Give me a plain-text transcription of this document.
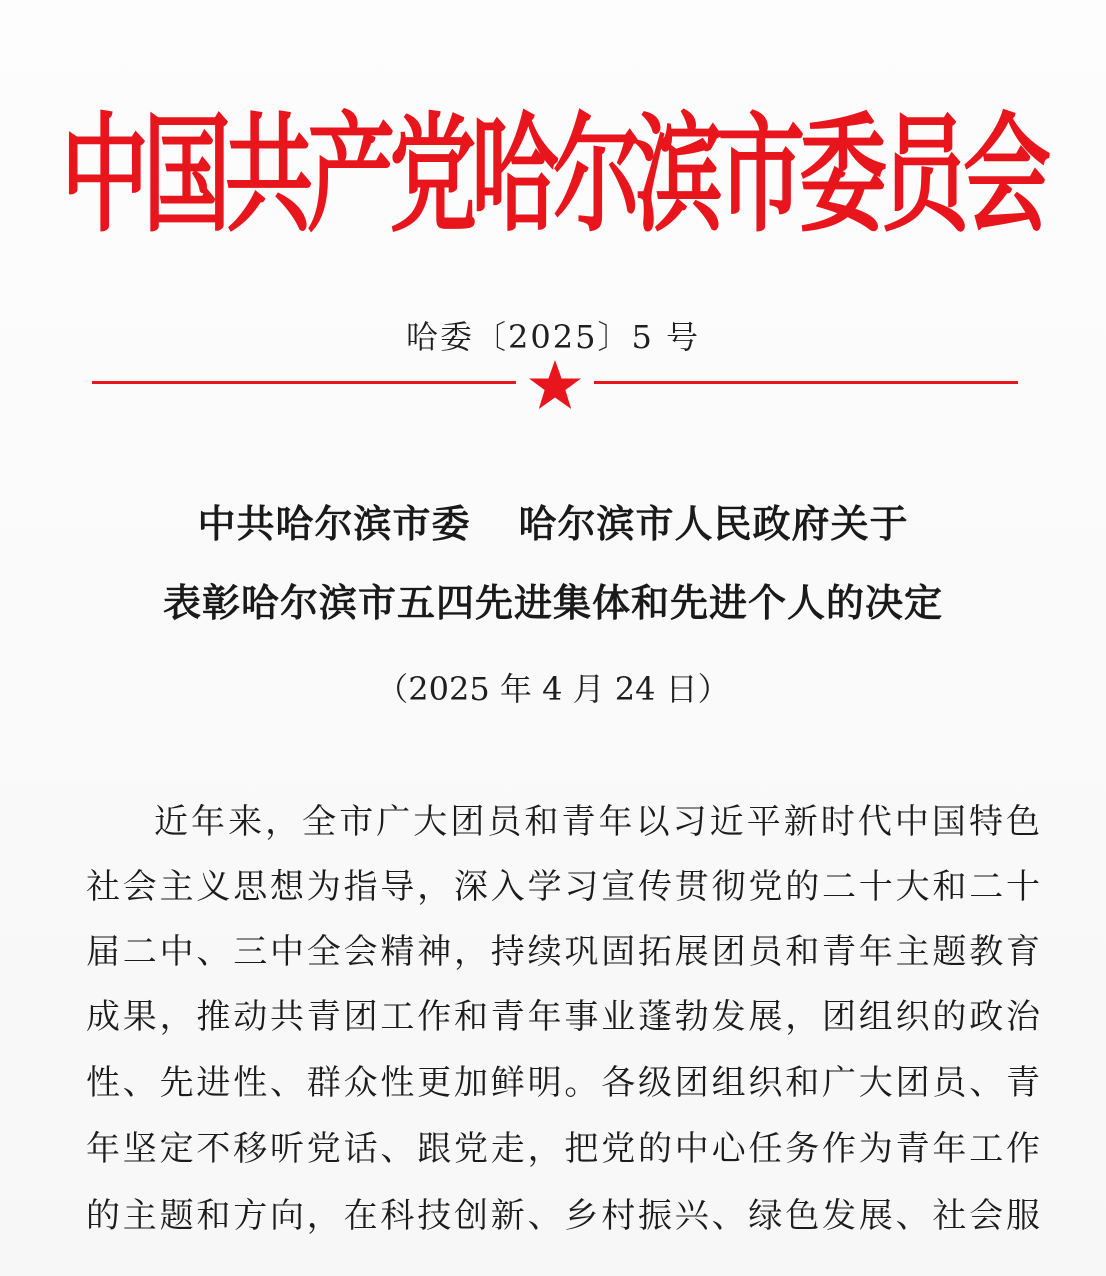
中国共产党哈尔滨市委员会
哈委〔2025〕5 号
中共哈尔滨市委 哈尔滨市人民政府关于
表彰哈尔滨市五四先进集体和先进个人的决定
（2025 年 4 月 24 日）
近年来，全市广大团员和青年以习近平新时代中国特色
社会主义思想为指导，深入学习宣传贯彻党的二十大和二十
届二中、三中全会精神，持续巩固拓展团员和青年主题教育
成果，推动共青团工作和青年事业蓬勃发展，团组织的政治
性、先进性、群众性更加鲜明。各级团组织和广大团员、青
年坚定不移听党话、跟党走，把党的中心任务作为青年工作
的主题和方向，在科技创新、乡村振兴、绿色发展、社会服
